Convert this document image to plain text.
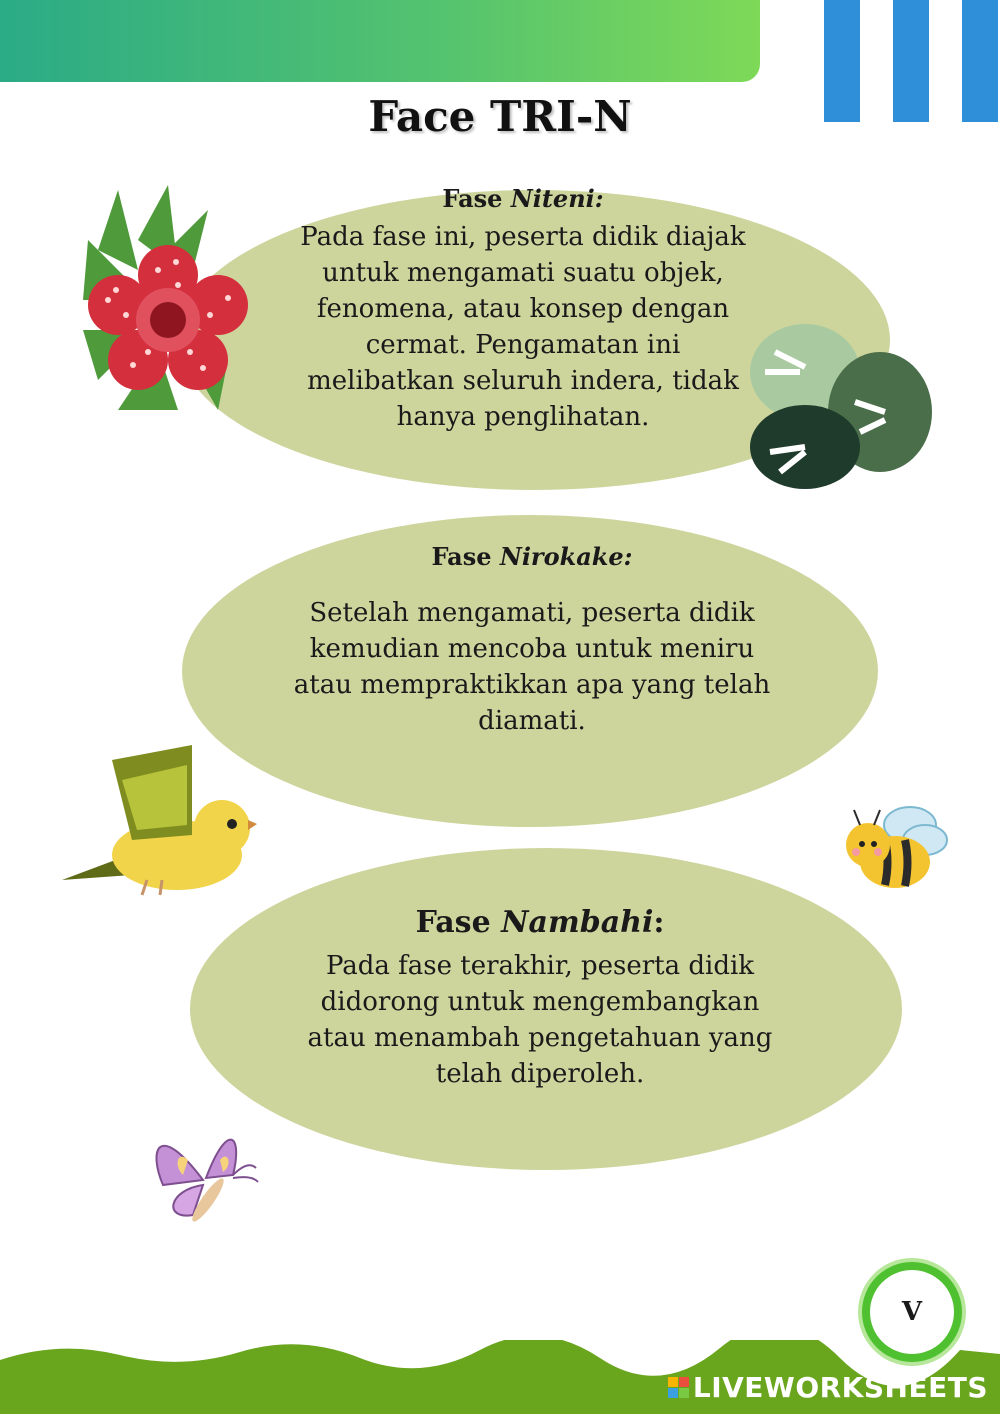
Face TRI-N
Fase Niteni:
Pada fase ini, peserta didik diajak untuk mengamati suatu objek, fenomena, atau konsep dengan cermat. Pengamatan ini melibatkan seluruh indera, tidak hanya penglihatan.
Fase Nirokake:
Setelah mengamati, peserta didik kemudian mencoba untuk meniru atau mempraktikkan apa yang telah diamati.
Fase Nambahi:
Pada fase terakhir, peserta didik didorong untuk mengembangkan atau menambah pengetahuan yang telah diperoleh.
V
LIVEWORKSHEETS
